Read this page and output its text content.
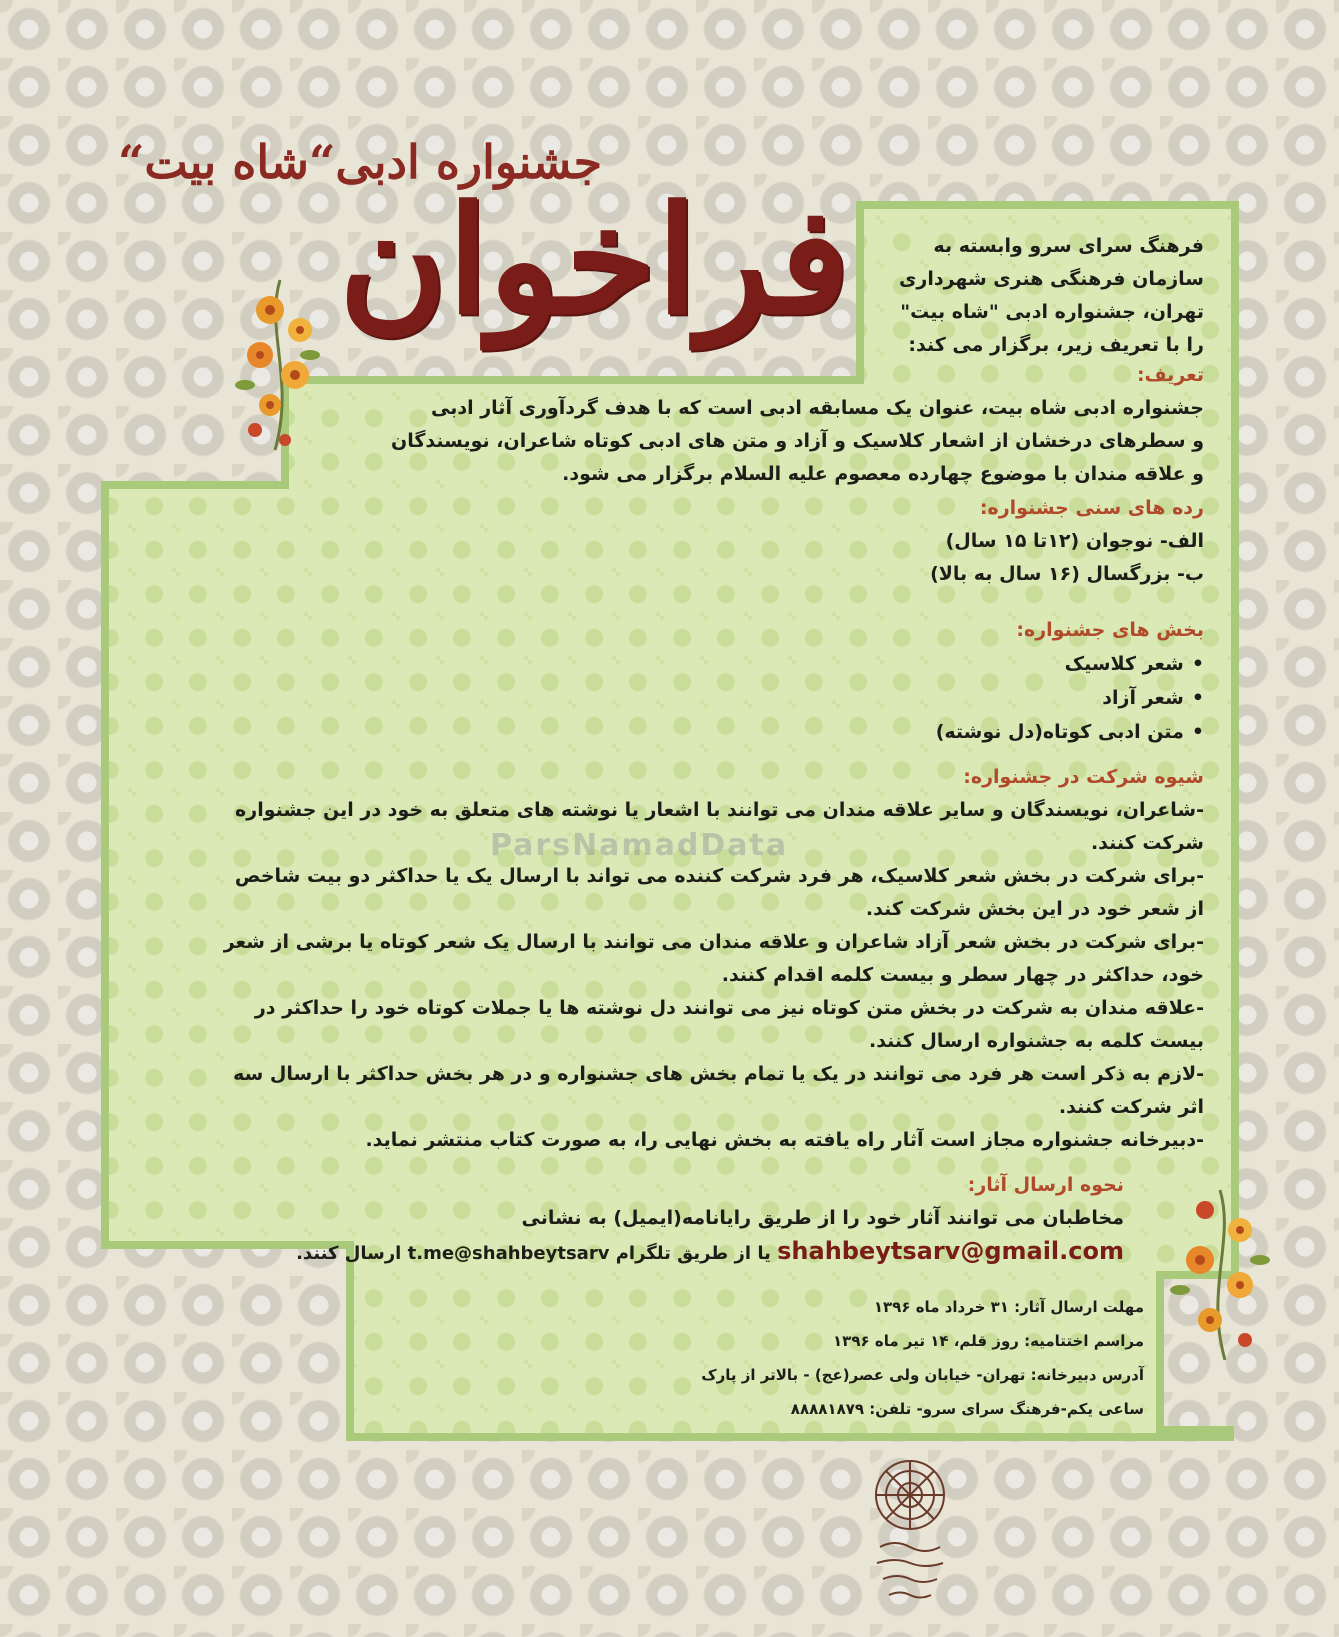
جشنواره ادبی“شاه بیت“
فراخوان	فرهنگ سرای سرو وابسته به

سازمان فرهنگی هنری شهرداری

تهران، جشنواره ادبی "شاه بیت"

را با تعریف زیر، برگزار می کند:

تعریف:

جشنواره ادبی شاه بیت، عنوان یک مسابقه ادبی است که با هدف گردآوری آثار ادبی

و سطرهای درخشان از اشعار کلاسیک و آزاد و متن های ادبی کوتاه شاعران، نویسندگان

و علاقه مندان با موضوع چهارده معصوم علیه السلام برگزار می شود.

رده های سنی جشنواره:

الف- نوجوان (۱۲تا ۱۵ سال)

ب- بزرگسال (۱۶ سال به بالا)

بخش های جشنواره:

•شعر کلاسیک
•شعر آزاد
•متن ادبی کوتاه(دل نوشته)

شیوه شرکت در جشنواره:

-شاعران، نویسندگان و سایر علاقه مندان می توانند با اشعار یا نوشته های متعلق به خود در این جشنواره

شرکت کنند.

-برای شرکت در بخش شعر کلاسیک، هر فرد شرکت کننده می تواند با ارسال یک یا حداکثر دو بیت شاخص

از شعر خود در این بخش شرکت کند.

-برای شرکت در بخش شعر آزاد شاعران و علاقه مندان می توانند با ارسال یک شعر کوتاه یا برشی از شعر

خود، حداکثر در چهار سطر و بیست کلمه اقدام کنند.

-علاقه مندان به شرکت در بخش متن کوتاه نیز می توانند دل نوشته ها یا جملات کوتاه خود را حداکثر در

بیست کلمه به جشنواره ارسال کنند.

-لازم به ذکر است هر فرد می توانند در یک یا تمام بخش های جشنواره و در هر بخش حداکثر با ارسال سه

اثر شرکت کنند.

-دبیرخانه جشنواره مجاز است آثار راه یافته به بخش نهایی را، به صورت کتاب منتشر نماید.

نحوه ارسال آثار:

مخاطبان می توانند آثار خود را از طریق رایانامه(ایمیل) به نشانی

shahbeytsarv@gmail.com یا از طریق تلگرام t.me@shahbeytsarv ارسال کنند.

مهلت ارسال آثار: ۳۱ خرداد ماه ۱۳۹۶

مراسم اختتامیه: روز قلم، ۱۴ تیر ماه ۱۳۹۶

آدرس دبیرخانه: تهران- خیابان ولی عصر(عج) - بالاتر از پارک

ساعی یکم-فرهنگ سرای سرو- تلفن: ۸۸۸۸۱۸۷۹

ParsNamadData
